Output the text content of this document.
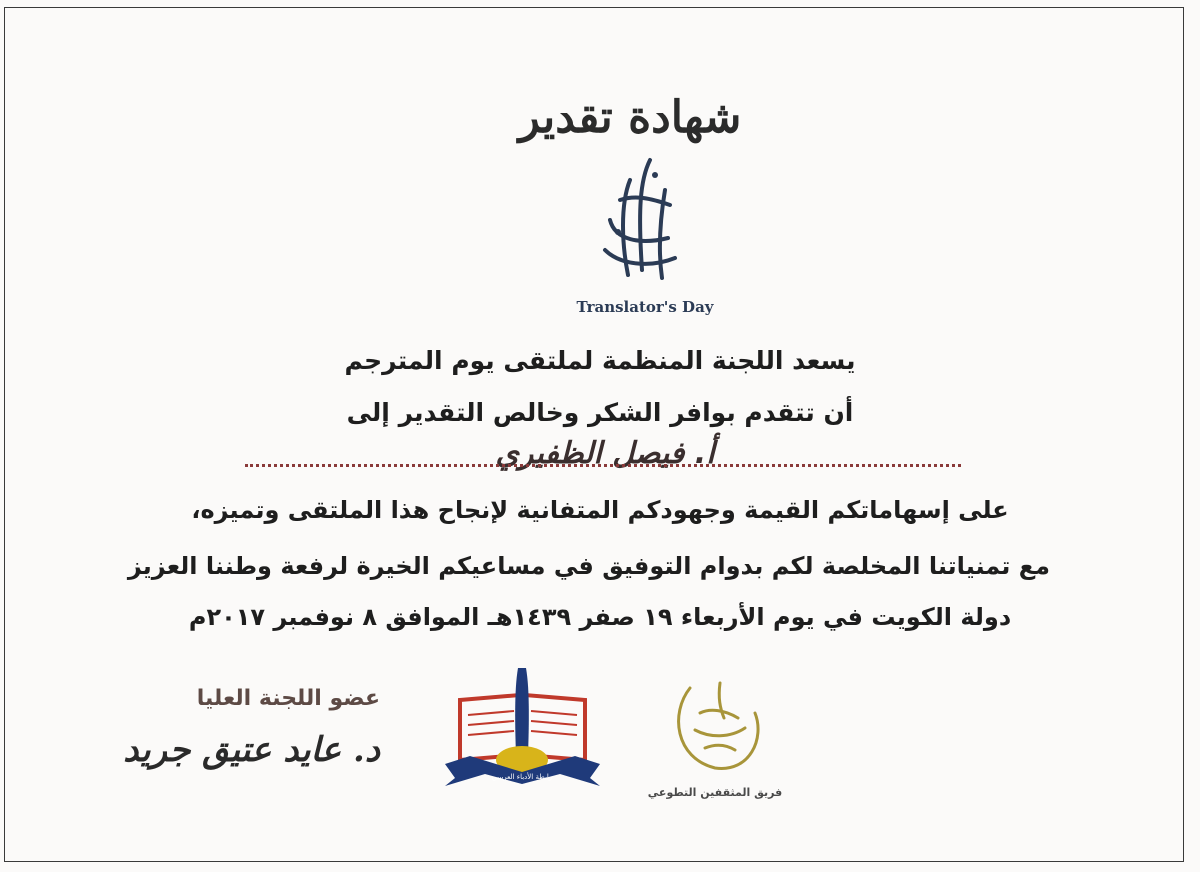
شهادة تقدير
Translator's Day
يسعد اللجنة المنظمة لملتقى يوم المترجم
أن تتقدم بوافر الشكر وخالص التقدير إلى
أ. فيصل الظفيري
على إسهاماتكم القيمة وجهودكم المتفانية لإنجاح هذا الملتقى وتميزه،
مع تمنياتنا المخلصة لكم بدوام التوفيق في مساعيكم الخيرة لرفعة وطننا العزيز
دولة الكويت في يوم الأربعاء ١٩ صفر ١٤٣٩هـ الموافق ٨ نوفمبر ٢٠١٧م
عضو اللجنة العليا
د. عايد عتيق جريد
رابطة الأدباء العربيين
فريق المثقفين التطوعي
